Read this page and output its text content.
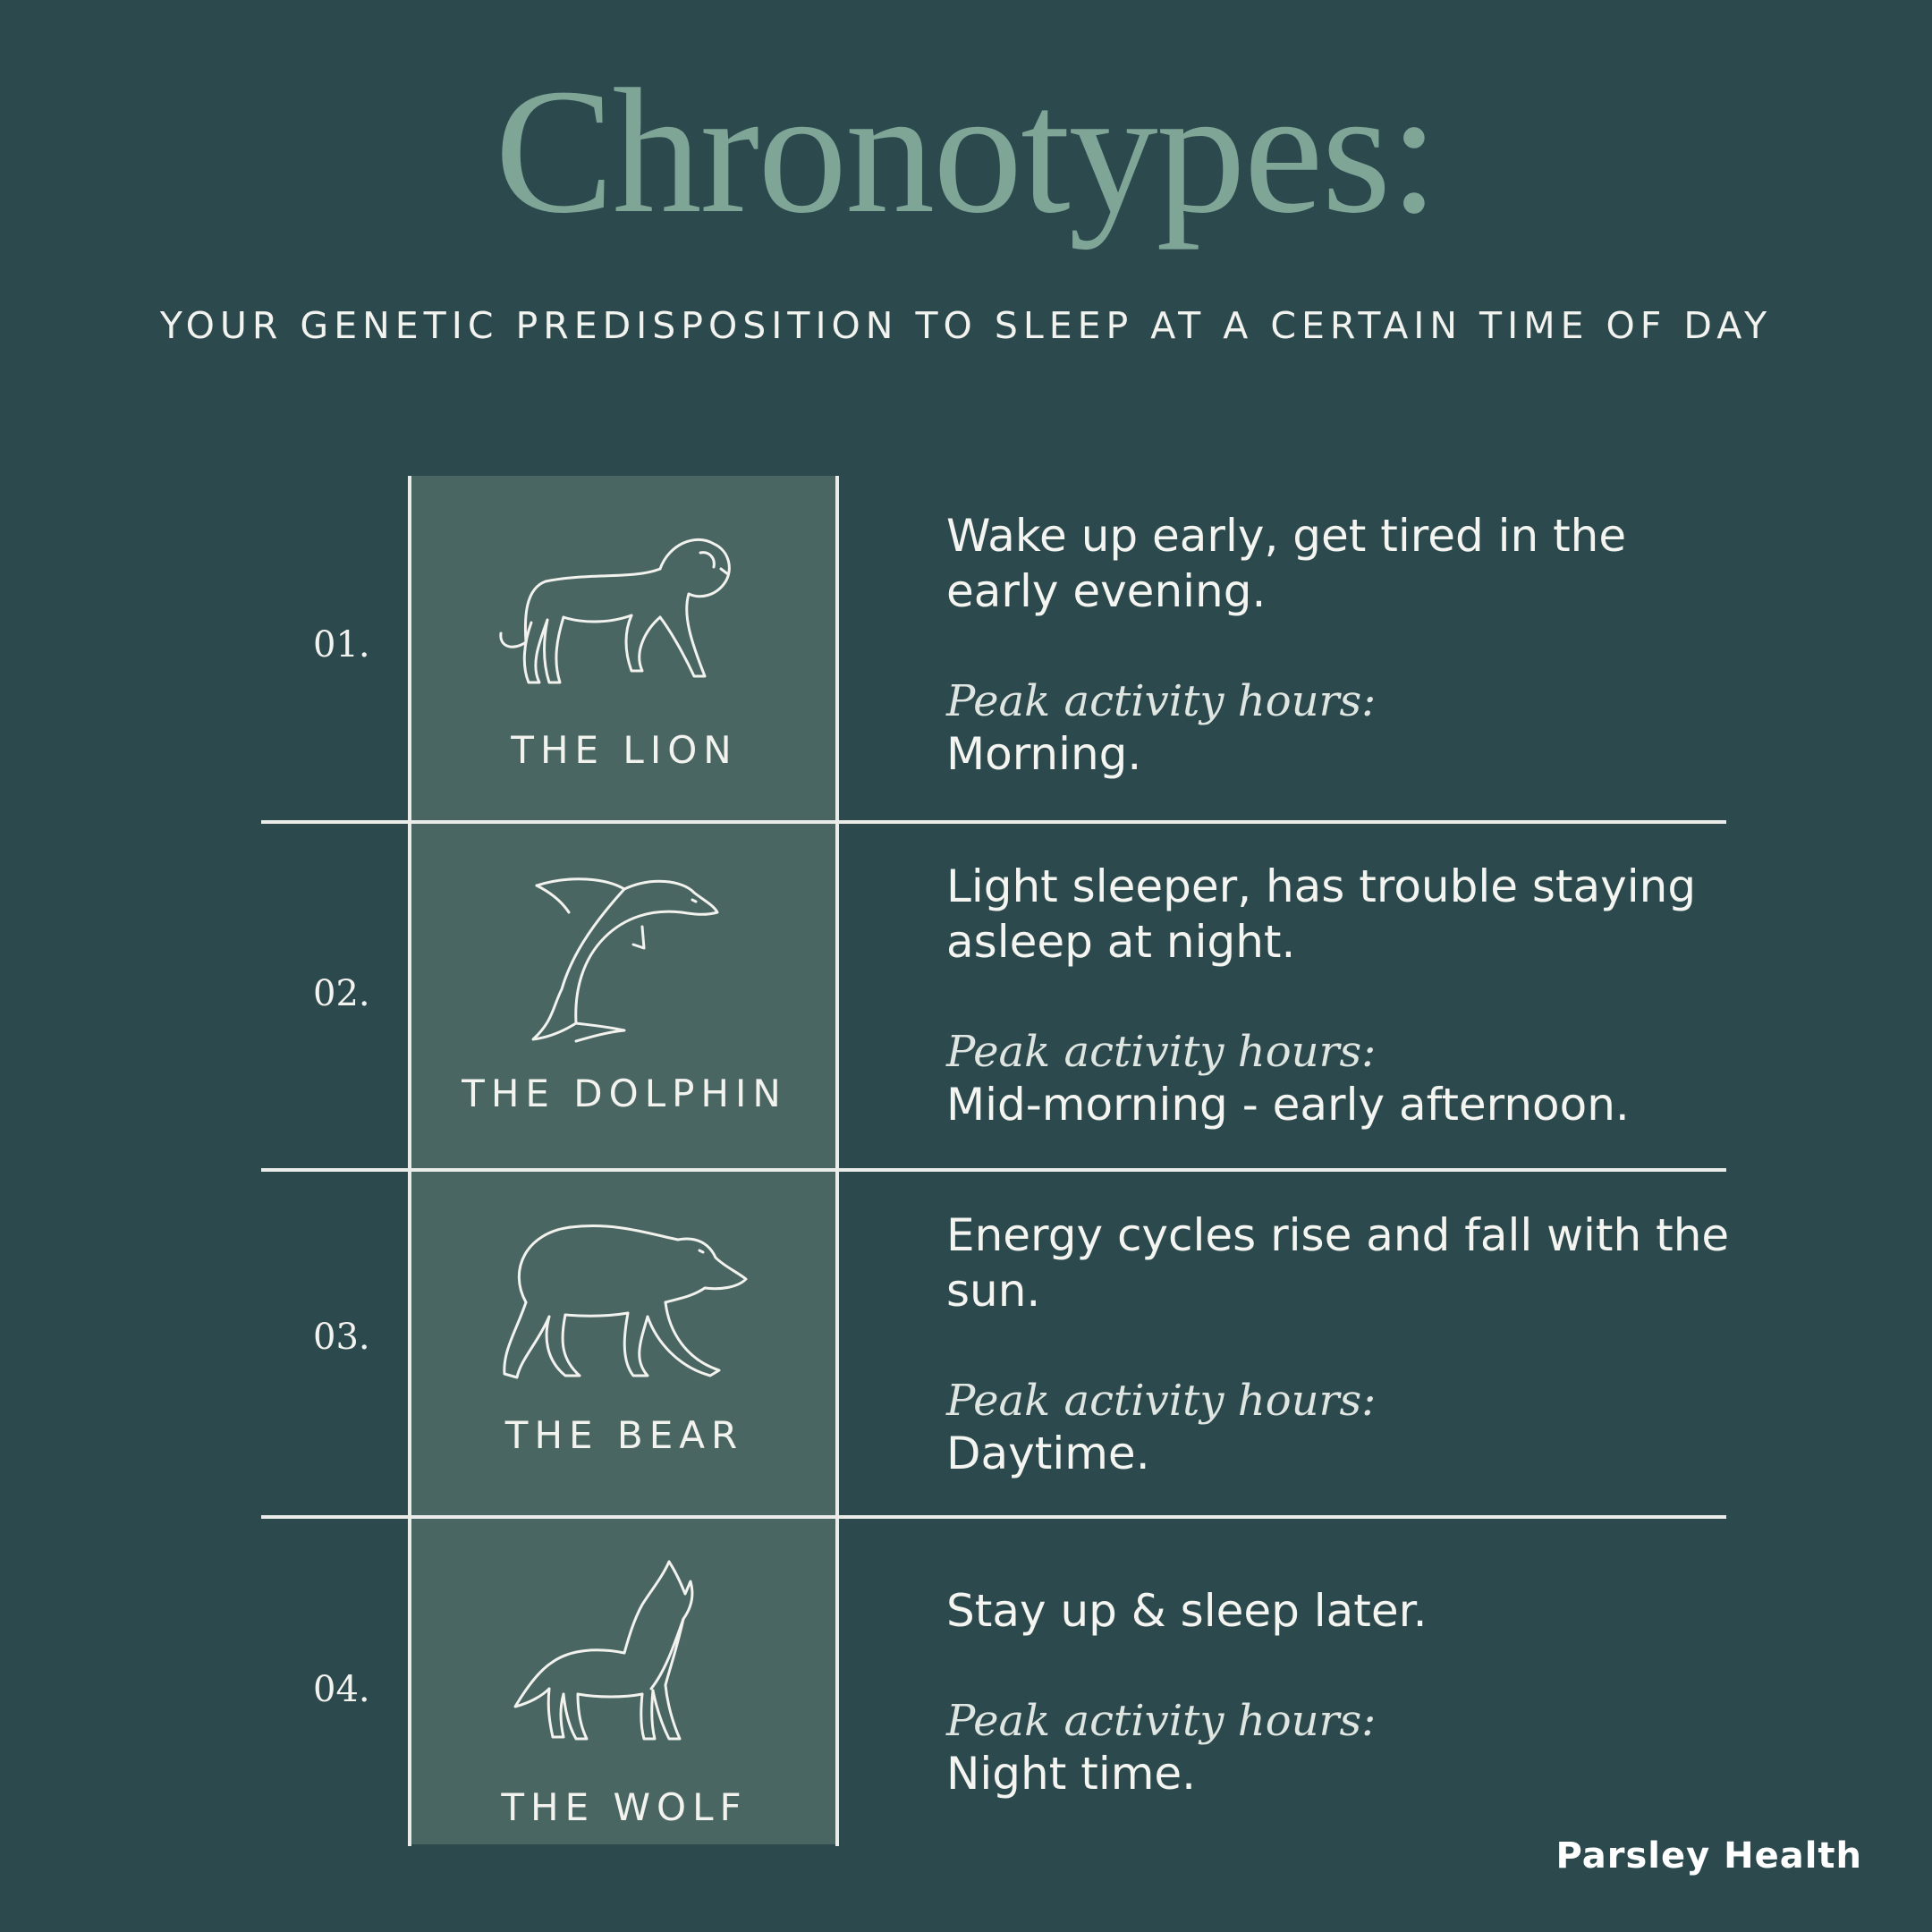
Chronotypes:
YOUR GENETIC PREDISPOSITION TO SLEEP AT A CERTAIN TIME OF DAY
01.
THE LION
Wake up early, get tired in the early evening.
Peak activity hours:
Morning.
02.
THE DOLPHIN
Light sleeper, has trouble staying asleep at night.
Peak activity hours:
Mid-morning - early afternoon.
03.
THE BEAR
Energy cycles rise and fall with the sun.
Peak activity hours:
Daytime.
04.
THE WOLF
Stay up & sleep later.
Peak activity hours:
Night time.
Parsley Health
